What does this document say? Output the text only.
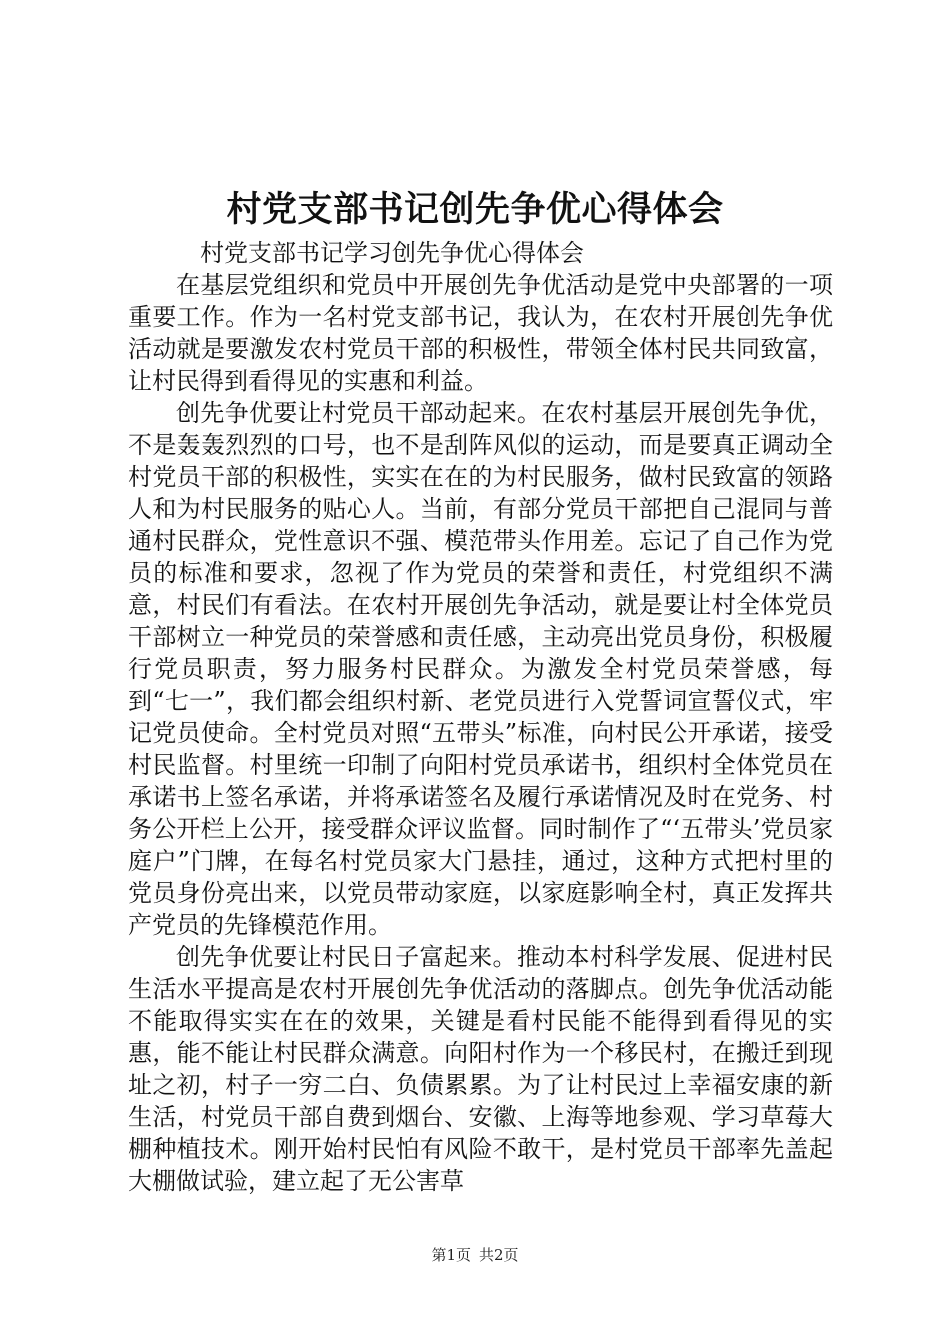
村党支部书记创先争优心得体会

村党支部书记学习创先争优心得体会

在基层党组织和党员中开展创先争优活动是党中央部署的一项重要工作。作为一名村党支部书记，我认为，在农村开展创先争优活动就是要激发农村党员干部的积极性，带领全体村民共同致富，让村民得到看得见的实惠和利益。

创先争优要让村党员干部动起来。在农村基层开展创先争优，不是轰轰烈烈的口号，也不是刮阵风似的运动，而是要真正调动全村党员干部的积极性，实实在在的为村民服务，做村民致富的领路人和为村民服务的贴心人。当前，有部分党员干部把自己混同与普通村民群众，党性意识不强、模范带头作用差。忘记了自己作为党员的标准和要求，忽视了作为党员的荣誉和责任，村党组织不满意，村民们有看法。在农村开展创先争活动，就是要让村全体党员干部树立一种党员的荣誉感和责任感，主动亮出党员身份，积极履行党员职责，努力服务村民群众。为激发全村党员荣誉感，每到“七一”，我们都会组织村新、老党员进行入党誓词宣誓仪式，牢记党员使命。全村党员对照“五带头”标准，向村民公开承诺，接受村民监督。村里统一印制了向阳村党员承诺书，组织村全体党员在承诺书上签名承诺，并将承诺签名及履行承诺情况及时在党务、村务公开栏上公开，接受群众评议监督。同时制作了“‘五带头’党员家庭户”门牌，在每名村党员家大门悬挂，通过，这种方式把村里的党员身份亮出来，以党员带动家庭，以家庭影响全村，真正发挥共产党员的先锋模范作用。

创先争优要让村民日子富起来。推动本村科学发展、促进村民生活水平提高是农村开展创先争优活动的落脚点。创先争优活动能不能取得实实在在的效果，关键是看村民能不能得到看得见的实惠，能不能让村民群众满意。向阳村作为一个移民村，在搬迁到现址之初，村子一穷二白、负债累累。为了让村民过上幸福安康的新生活，村党员干部自费到烟台、安徽、上海等地参观、学习草莓大棚种植技术。刚开始村民怕有风险不敢干，是村党员干部率先盖起大棚做试验，建立起了无公害草

第1页 共2页
